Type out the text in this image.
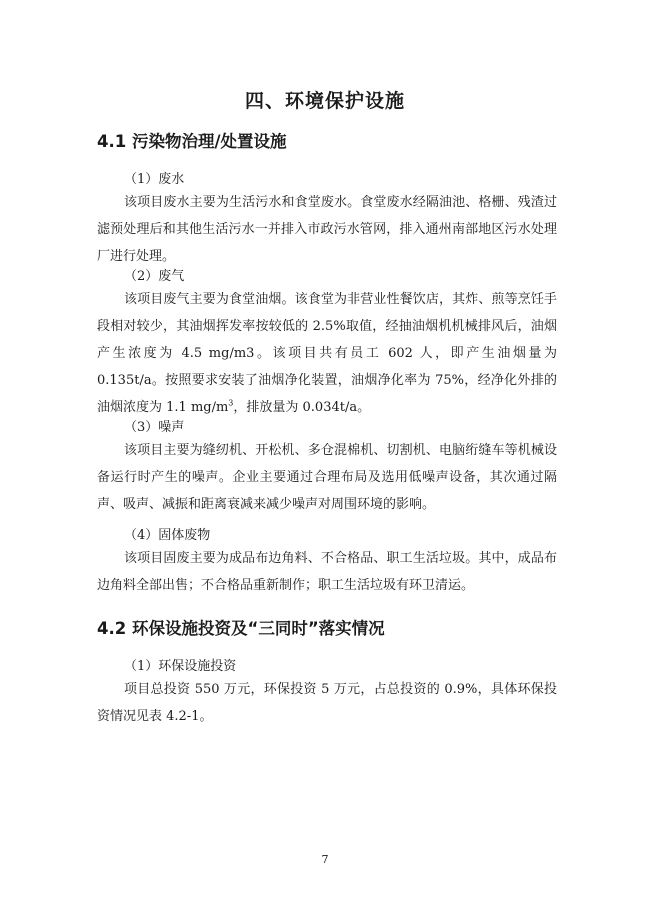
四、环境保护设施
4.1 污染物治理/处置设施
（1）废水

该项目废水主要为生活污水和食堂废水。食堂废水经隔油池、格栅、残渣过滤预处理后和其他生活污水一并排入市政污水管网，排入通州南部地区污水处理厂进行处理。

（2）废气

该项目废气主要为食堂油烟。该食堂为非营业性餐饮店，其炸、煎等烹饪手段相对较少，其油烟挥发率按较低的 2.5%取值，经抽油烟机机械排风后，油烟产生浓度为 4.5 mg/m3。该项目共有员工 602 人，即产生油烟量为 0.135t/a。按照要求安装了油烟净化装置，油烟净化率为 75%，经净化外排的油烟浓度为 1.1 $mg/m^3$，排放量为 0.034t/a。

（3）噪声

该项目主要为缝纫机、开松机、多仓混棉机、切割机、电脑绗缝车等机械设备运行时产生的噪声。企业主要通过合理布局及选用低噪声设备，其次通过隔声、吸声、减振和距离衰减来减少噪声对周围环境的影响。

（4）固体废物

该项目固废主要为成品布边角料、不合格品、职工生活垃圾。其中，成品布边角料全部出售；不合格品重新制作；职工生活垃圾有环卫清运。

4.2 环保设施投资及“三同时”落实情况
（1）环保设施投资

项目总投资 550 万元，环保投资 5 万元，占总投资的 0.9%，具体环保投资情况见表 4.2-1。

7
